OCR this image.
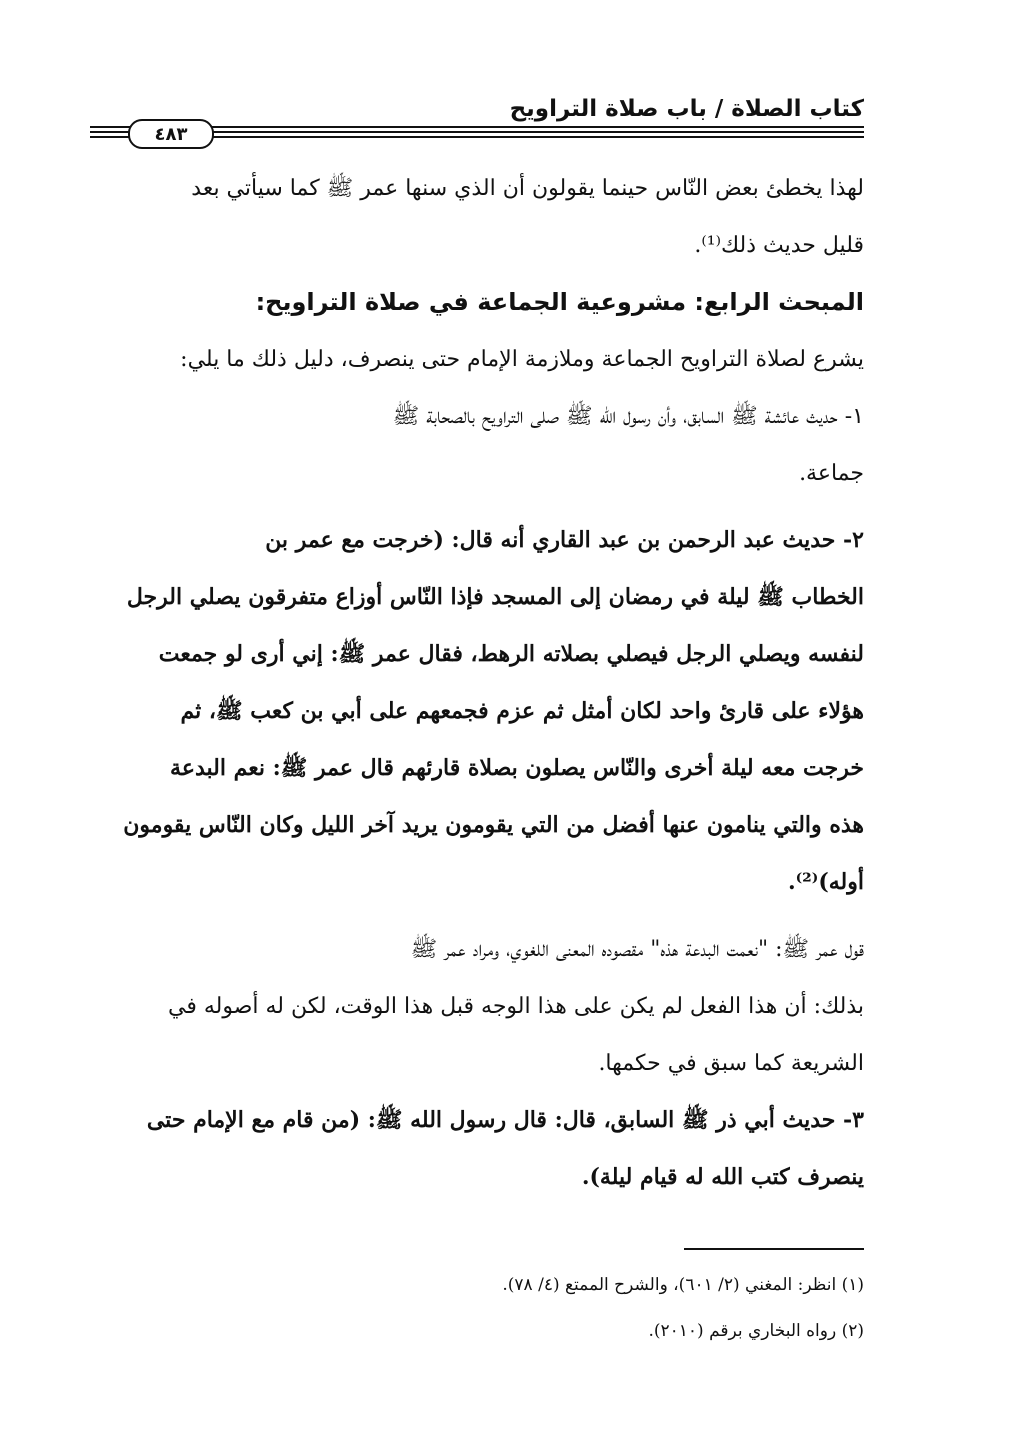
كتاب الصلاة / باب صلاة التراويح
٤٨٣
لهذا يخطئ بعض النّاس حينما يقولون أن الذي سنها عمر ﷺ كما سيأتي بعد
قليل حديث ذلك⁽¹⁾.
المبحث الرابع: مشروعية الجماعة في صلاة التراويح:
يشرع لصلاة التراويح الجماعة وملازمة الإمام حتى ينصرف، دليل ذلك ما يلي:
١- حديث عائشة ﷺ السابق، وأن رسول الله ﷺ صلى التراويح بالصحابة ﷺ
جماعة.
٢- حديث عبد الرحمن بن عبد القاري أنه قال: (خرجت مع عمر بن
الخطاب ﷺ ليلة في رمضان إلى المسجد فإذا النّاس أوزاع متفرقون يصلي الرجل
لنفسه ويصلي الرجل فيصلي بصلاته الرهط، فقال عمر ﷺ: إني أرى لو جمعت
هؤلاء على قارئ واحد لكان أمثل ثم عزم فجمعهم على أبي بن كعب ﷺ، ثم
خرجت معه ليلة أخرى والنّاس يصلون بصلاة قارئهم قال عمر ﷺ: نعم البدعة
هذه والتي ينامون عنها أفضل من التي يقومون يريد آخر الليل وكان النّاس يقومون
أوله)⁽²⁾.
قول عمر ﷺ: "نعمت البدعة هذه" مقصوده المعنى اللغوي، ومراد عمر ﷺ
بذلك: أن هذا الفعل لم يكن على هذا الوجه قبل هذا الوقت، لكن له أصوله في
الشريعة كما سبق في حكمها.
٣- حديث أبي ذر ﷺ السابق، قال: قال رسول الله ﷺ: (من قام مع الإمام حتى
ينصرف كتب الله له قيام ليلة).
(١) انظر: المغني (٢/ ٦٠١)، والشرح الممتع (٤/ ٧٨).
(٢) رواه البخاري برقم (٢٠١٠).
